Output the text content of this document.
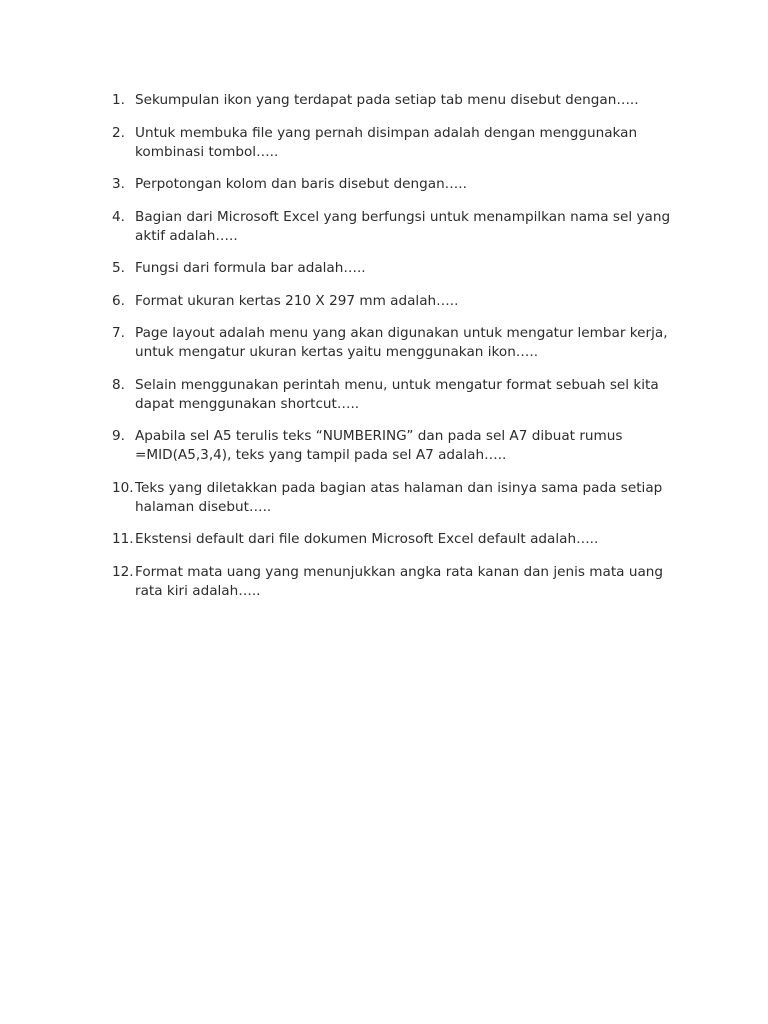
1. Sekumpulan ikon yang terdapat pada setiap tab menu disebut dengan…..
2. Untuk membuka file yang pernah disimpan adalah dengan menggunakan kombinasi tombol…..
3. Perpotongan kolom dan baris disebut dengan…..
4. Bagian dari Microsoft Excel yang berfungsi untuk menampilkan nama sel yang aktif adalah…..
5. Fungsi dari formula bar adalah…..
6. Format ukuran kertas 210 X 297 mm adalah…..
7. Page layout adalah menu yang akan digunakan untuk mengatur lembar kerja, untuk mengatur ukuran kertas yaitu menggunakan ikon…..
8. Selain menggunakan perintah menu, untuk mengatur format sebuah sel kita dapat menggunakan shortcut…..
9. Apabila sel A5 terulis teks “NUMBERING” dan pada sel A7 dibuat rumus =MID(A5,3,4), teks yang tampil pada sel A7 adalah…..
10. Teks yang diletakkan pada bagian atas halaman dan isinya sama pada setiap halaman disebut…..
11. Ekstensi default dari file dokumen Microsoft Excel default adalah…..
12. Format mata uang yang menunjukkan angka rata kanan dan jenis mata uang rata kiri adalah…..
